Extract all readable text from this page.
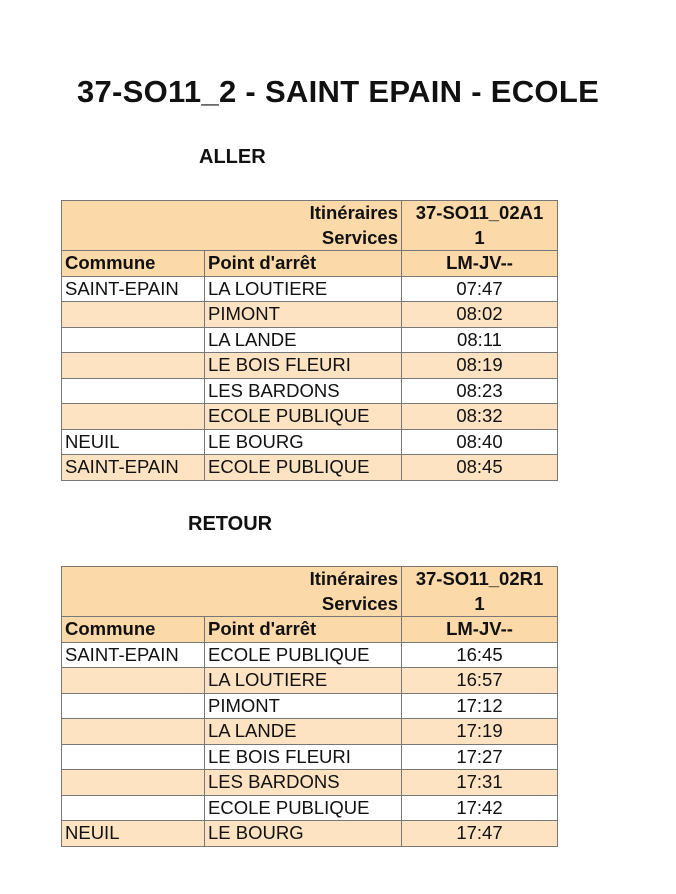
37-SO11_2 - SAINT EPAIN - ECOLE
ALLER
Itinéraires		37-SO11_02A1
Services		1
Commune	Point d'arrêt	LM-JV--
SAINT-EPAIN	LA LOUTIERE	07:47
	PIMONT	08:02
	LA LANDE	08:11
	LE BOIS FLEURI	08:19
	LES BARDONS	08:23
	ECOLE PUBLIQUE	08:32
NEUIL	LE BOURG	08:40
SAINT-EPAIN	ECOLE PUBLIQUE	08:45
RETOUR
Itinéraires		37-SO11_02R1
Services		1
Commune	Point d'arrêt	LM-JV--
SAINT-EPAIN	ECOLE PUBLIQUE	16:45
	LA LOUTIERE	16:57
	PIMONT	17:12
	LA LANDE	17:19
	LE BOIS FLEURI	17:27
	LES BARDONS	17:31
	ECOLE PUBLIQUE	17:42
NEUIL	LE BOURG	17:47
